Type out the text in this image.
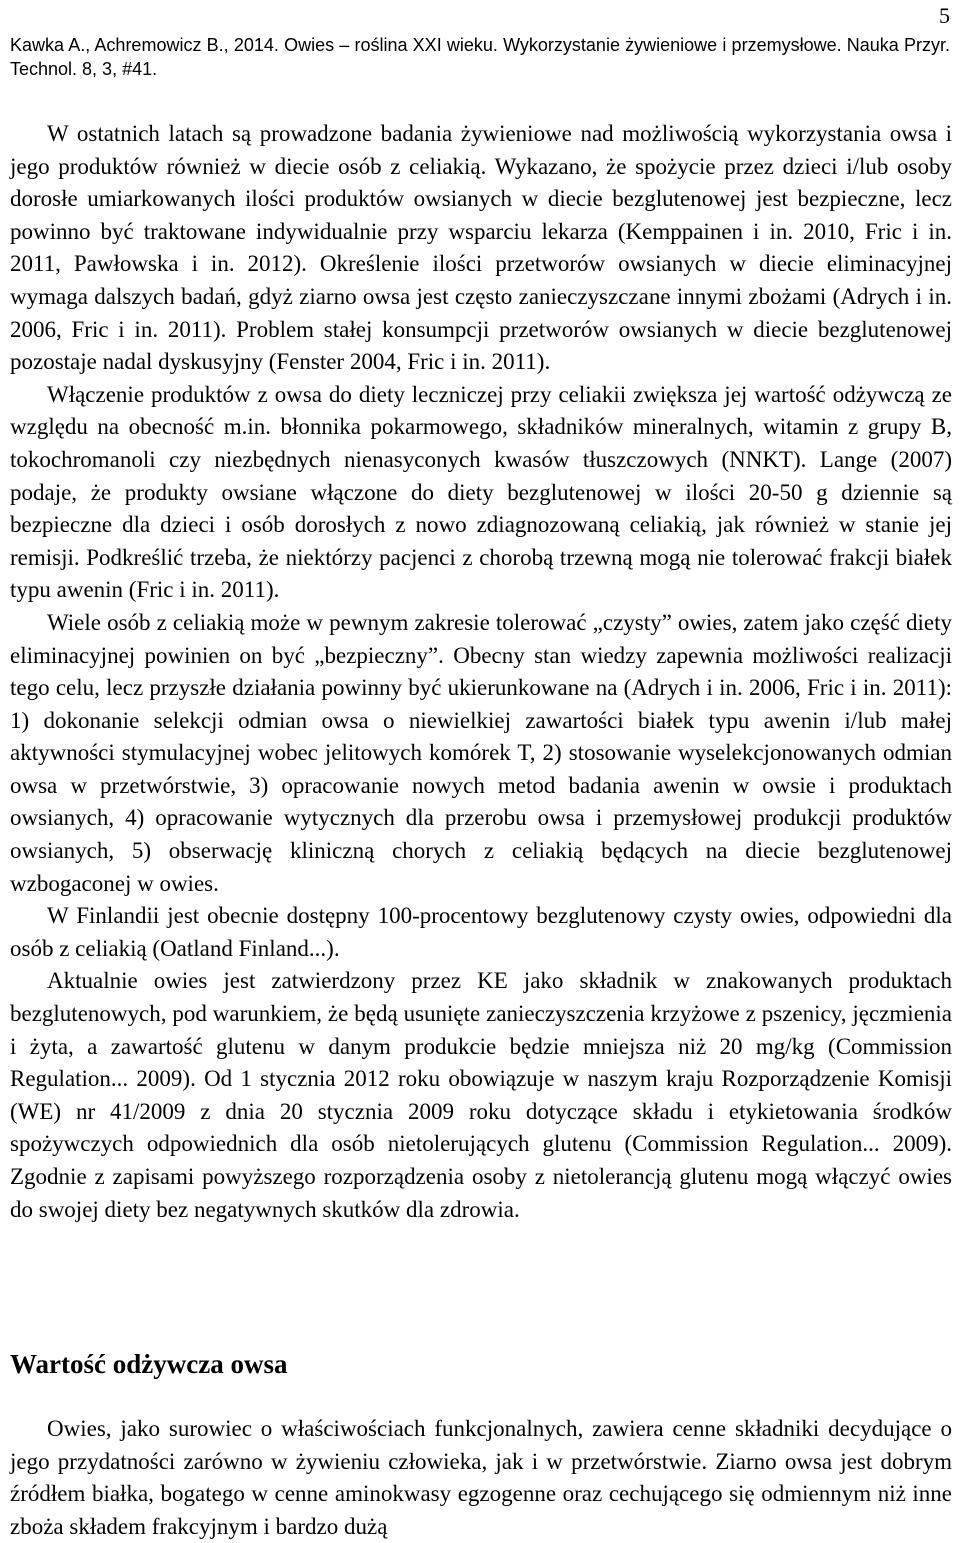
5
Kawka A., Achremowicz B., 2014. Owies – roślina XXI wieku. Wykorzystanie żywieniowe i przemysłowe. Nauka Przyr. Technol. 8, 3, #41.

W ostatnich latach są prowadzone badania żywieniowe nad możliwością wykorzystania owsa i jego produktów również w diecie osób z celiakią. Wykazano, że spożycie przez dzieci i/lub osoby dorosłe umiarkowanych ilości produktów owsianych w diecie bezglutenowej jest bezpieczne, lecz powinno być traktowane indywidualnie przy wsparciu lekarza (Kemppainen i in. 2010, Fric i in. 2011, Pawłowska i in. 2012). Określenie ilości przetworów owsianych w diecie eliminacyjnej wymaga dalszych badań, gdyż ziarno owsa jest często zanieczyszczane innymi zbożami (Adrych i in. 2006, Fric i in. 2011). Problem stałej konsumpcji przetworów owsianych w diecie bezglutenowej pozostaje nadal dyskusyjny (Fenster 2004, Fric i in. 2011).

Włączenie produktów z owsa do diety leczniczej przy celiakii zwiększa jej wartość odżywczą ze względu na obecność m.in. błonnika pokarmowego, składników mineralnych, witamin z grupy B, tokochromanoli czy niezbędnych nienasyconych kwasów tłuszczowych (NNKT). Lange (2007) podaje, że produkty owsiane włączone do diety bezglutenowej w ilości 20-50 g dziennie są bezpieczne dla dzieci i osób dorosłych z nowo zdiagnozowaną celiakią, jak również w stanie jej remisji. Podkreślić trzeba, że niektórzy pacjenci z chorobą trzewną mogą nie tolerować frakcji białek typu awenin (Fric i in. 2011).

Wiele osób z celiakią może w pewnym zakresie tolerować „czysty” owies, zatem jako część diety eliminacyjnej powinien on być „bezpieczny”. Obecny stan wiedzy zapewnia możliwości realizacji tego celu, lecz przyszłe działania powinny być ukierunkowane na (Adrych i in. 2006, Fric i in. 2011): 1) dokonanie selekcji odmian owsa o niewielkiej zawartości białek typu awenin i/lub małej aktywności stymulacyjnej wobec jelitowych komórek T, 2) stosowanie wyselekcjonowanych odmian owsa w przetwórstwie, 3) opracowanie nowych metod badania awenin w owsie i produktach owsianych, 4) opracowanie wytycznych dla przerobu owsa i przemysłowej produkcji produktów owsianych, 5) obserwację kliniczną chorych z celiakią będących na diecie bezglutenowej wzbogaconej w owies.

W Finlandii jest obecnie dostępny 100-procentowy bezglutenowy czysty owies, odpowiedni dla osób z celiakią (Oatland Finland...).

Aktualnie owies jest zatwierdzony przez KE jako składnik w znakowanych produktach bezglutenowych, pod warunkiem, że będą usunięte zanieczyszczenia krzyżowe z pszenicy, jęczmienia i żyta, a zawartość glutenu w danym produkcie będzie mniejsza niż 20 mg/kg (Commission Regulation... 2009). Od 1 stycznia 2012 roku obowiązuje w naszym kraju Rozporządzenie Komisji (WE) nr 41/2009 z dnia 20 stycznia 2009 roku dotyczące składu i etykietowania środków spożywczych odpowiednich dla osób nietolerujących glutenu (Commission Regulation... 2009). Zgodnie z zapisami powyższego rozporządzenia osoby z nietolerancją glutenu mogą włączyć owies do swojej diety bez negatywnych skutków dla zdrowia.

Wartość odżywcza owsa

Owies, jako surowiec o właściwościach funkcjonalnych, zawiera cenne składniki decydujące o jego przydatności zarówno w żywieniu człowieka, jak i w przetwórstwie. Ziarno owsa jest dobrym źródłem białka, bogatego w cenne aminokwasy egzogenne oraz cechującego się odmiennym niż inne zboża składem frakcyjnym i bardzo dużą
